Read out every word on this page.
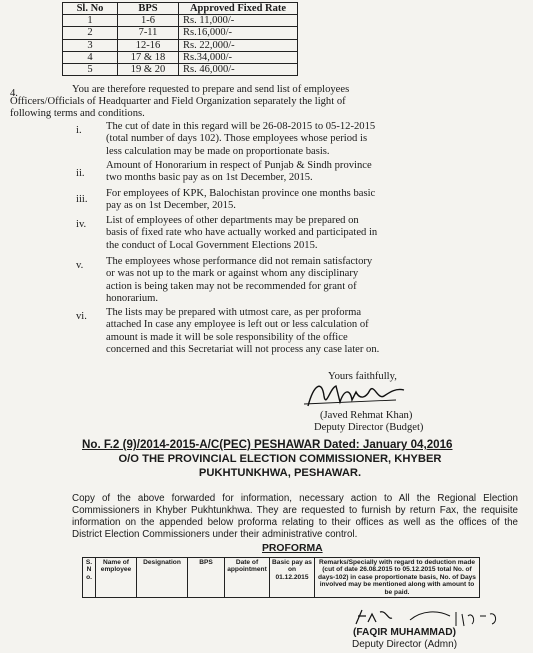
Sl. No	BPS	Approved Fixed Rate
1	1-6	Rs. 11,000/-
2	7-11	Rs.16,000/-
3	12-16	Rs. 22,000/-
4	17 & 18	Rs.34,000/-
5	19 & 20	Rs. 46,000/-
4.	You are therefore requested to prepare and send list of employees
Officers/Officials of Headquarter and Field Organization separately the light of
following terms and conditions.
i. The cut of date in this regard will be 26-08-2015 to 05-12-2015
(total number of days 102). Those employees whose period is
less calculation may be made on proportionate basis.
ii.
Amount of Honorarium in respect of Punjab & Sindh province
two months basic pay as on 1st December, 2015.
iii.
For employees of KPK, Balochistan province one months basic
pay as on 1st December, 2015.
iv. List of employees of other departments may be prepared on
basis of fixed rate who have actually worked and participated in
the conduct of Local Government Elections 2015.
v. The employees whose performance did not remain satisfactory
or was not up to the mark or against whom any disciplinary
action is being taken may not be recommended for grant of
honorarium.
vi. The lists may be prepared with utmost care, as per proforma
attached In case any employee is left out or less calculation of
amount is made it will be sole responsibility of the office
concerned and this Secretariat will not process any case later on.
Yours faithfully,
(Javed Rehmat Khan)
Deputy Director (Budget)
No. F.2 (9)/2014-2015-A/C(PEC) PESHAWAR Dated: January 04,2016
O/O THE PROVINCIAL ELECTION COMMISSIONER, KHYBER
PUKHTUNKHWA, PESHAWAR.
Copy of the above forwarded for information, necessary action to All the Regional Election Commissioners in Khyber Pukhtunkhwa. They are requested to furnish by return Fax, the requisite information on the appended below proforma relating to their offices as well as the offices of the District Election Commissioners under their administrative control.
PROFORMA
S. N o.	Name of employee	Designation	BPS	Date of appointment	Basic pay as on 01.12.2015	Remarks/Specially with regard to deduction made (cut of date 26.08.2015 to 05.12.2015 total No. of days-102) in case proportionate basis, No. of Days involved may be mentioned along with amount to be paid.
(FAQIR MUHAMMAD)
Deputy Director (Admn)
